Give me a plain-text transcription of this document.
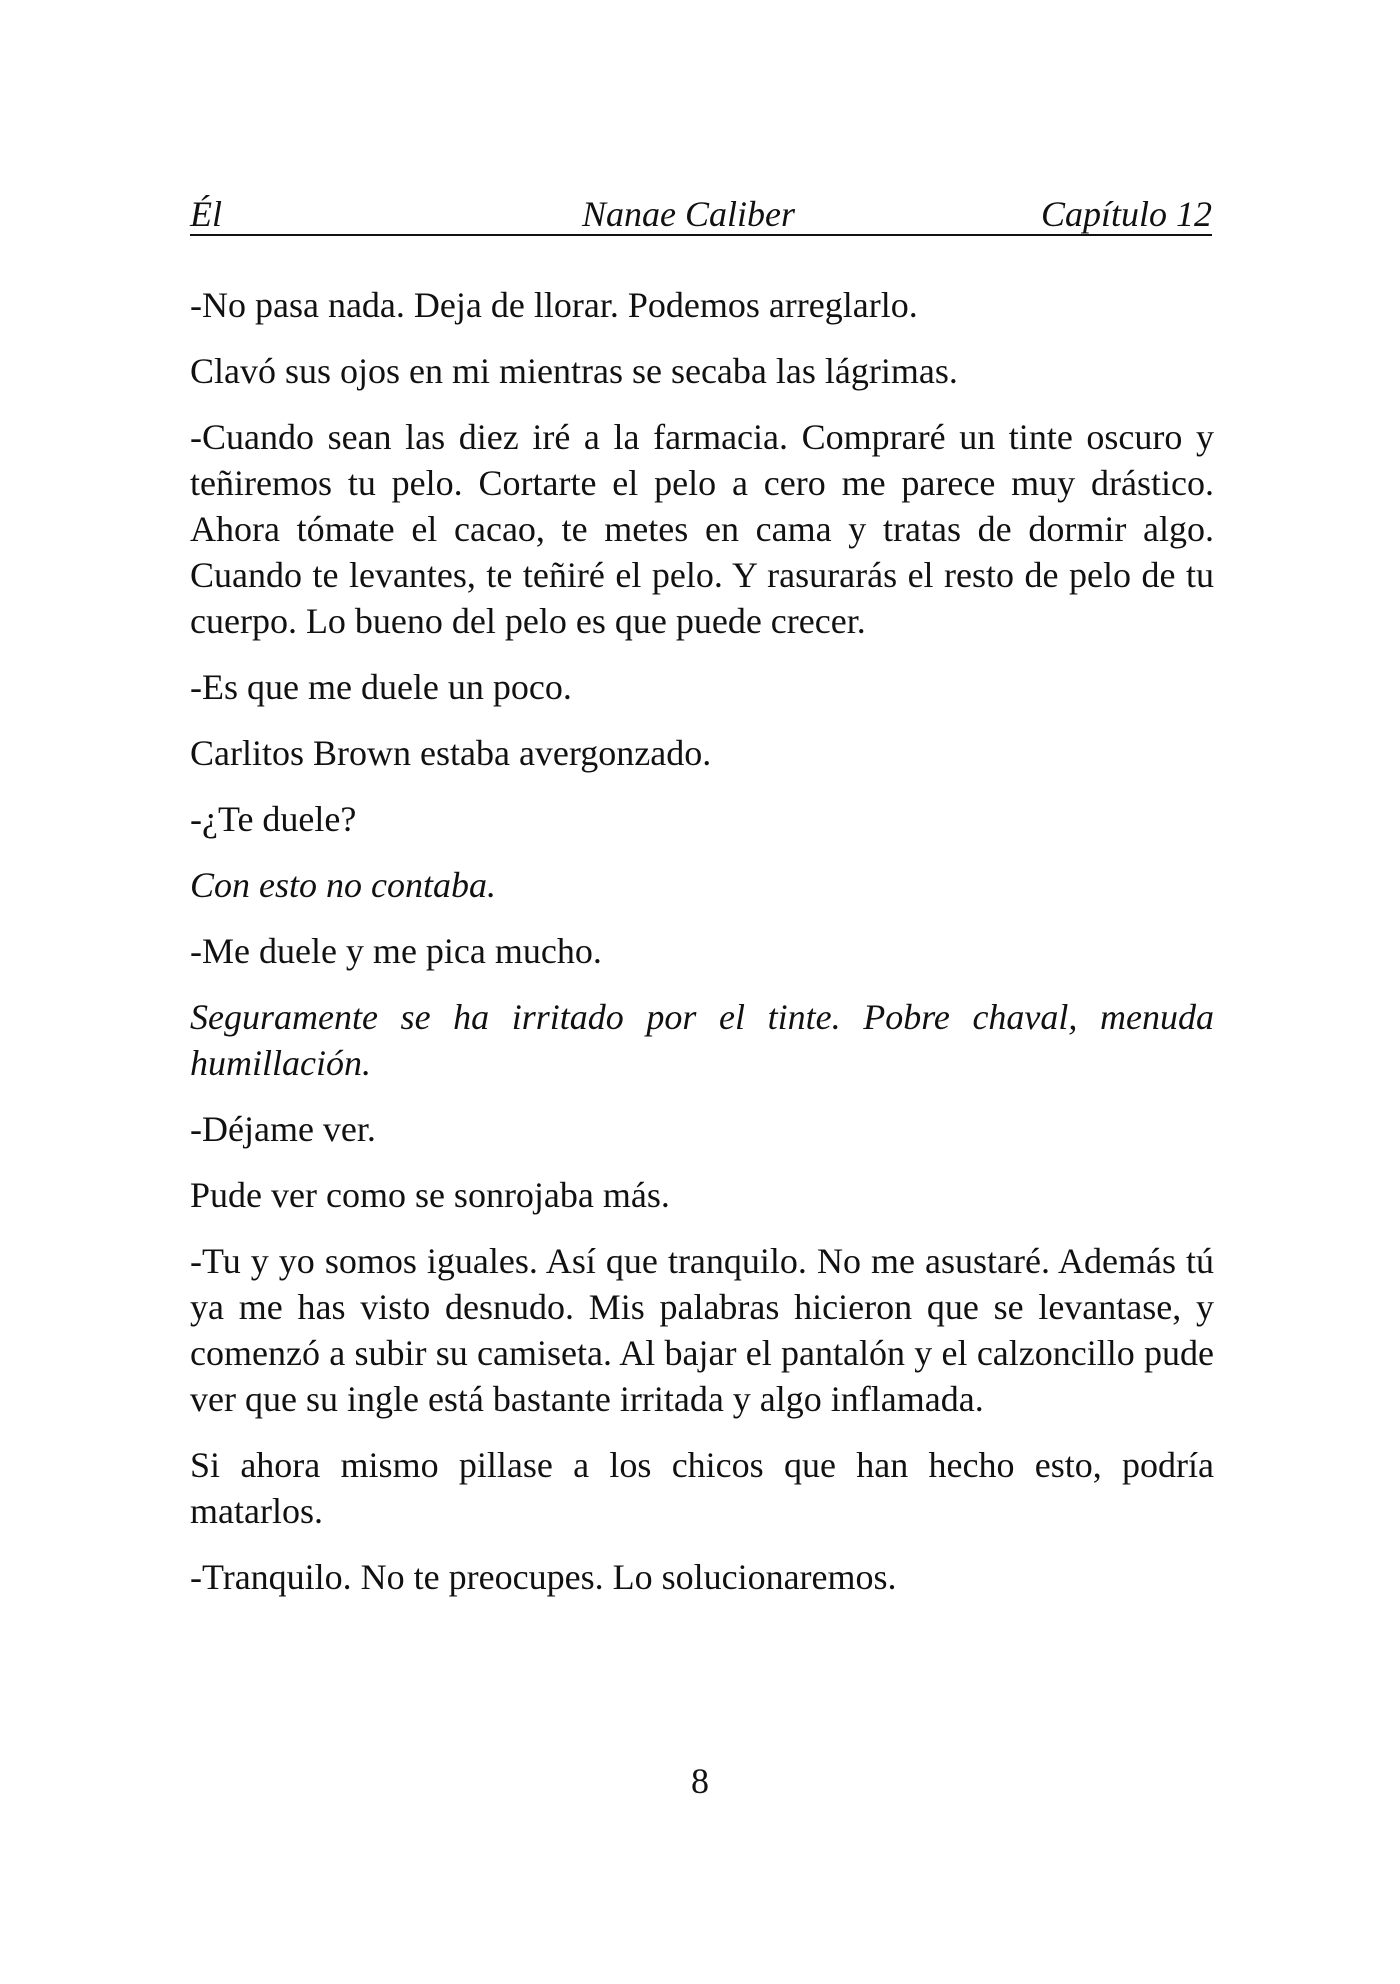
Él	Nanae Caliber	Capítulo 12

-No pasa nada. Deja de llorar. Podemos arreglarlo.

Clavó sus ojos en mi mientras se secaba las lágrimas.

-Cuando sean las diez iré a la farmacia. Compraré un tinte oscuro y teñiremos tu pelo. Cortarte el pelo a cero me parece muy drástico. Ahora tómate el cacao, te metes en cama y tratas de dormir algo. Cuando te levantes, te teñiré el pelo. Y rasurarás el resto de pelo de tu cuerpo. Lo bueno del pelo es que puede crecer.

-Es que me duele un poco.

Carlitos Brown estaba avergonzado.

-¿Te duele?

Con esto no contaba.

-Me duele y me pica mucho.

Seguramente se ha irritado por el tinte. Pobre chaval, menuda humillación.

-Déjame ver.

Pude ver como se sonrojaba más.

-Tu y yo somos iguales. Así que tranquilo. No me asustaré. Además tú ya me has visto desnudo. Mis palabras hicieron que se levantase, y comenzó a subir su camiseta. Al bajar el pantalón y el calzoncillo pude ver que su ingle está bastante irritada y algo inflamada.

Si ahora mismo pillase a los chicos que han hecho esto, podría matarlos.

-Tranquilo. No te preocupes. Lo solucionaremos.

8
